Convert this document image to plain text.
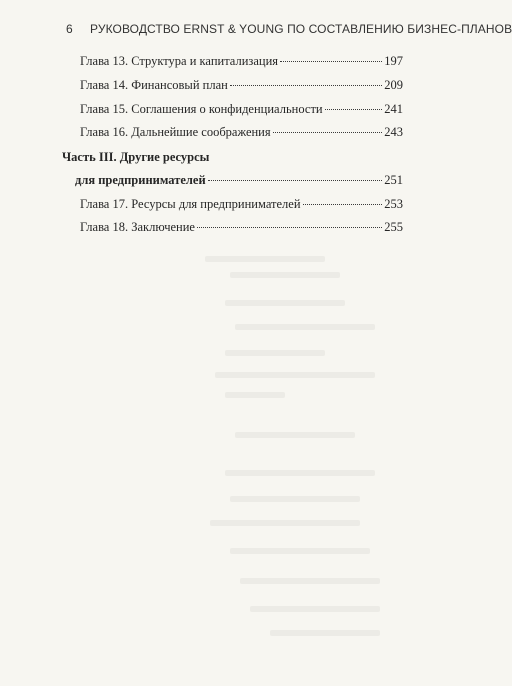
6 РУКОВОДСТВО ERNST & YOUNG ПО СОСТАВЛЕНИЮ БИЗНЕС-ПЛАНОВ
Глава 13. Структура и капитализация	197
Глава 14. Финансовый план	209
Глава 15. Соглашения о конфиденциальности	241
Глава 16. Дальнейшие соображения	243
Часть III. Другие ресурсы
для предпринимателей	251
Глава 17. Ресурсы для предпринимателей	253
Глава 18. Заключение	255
